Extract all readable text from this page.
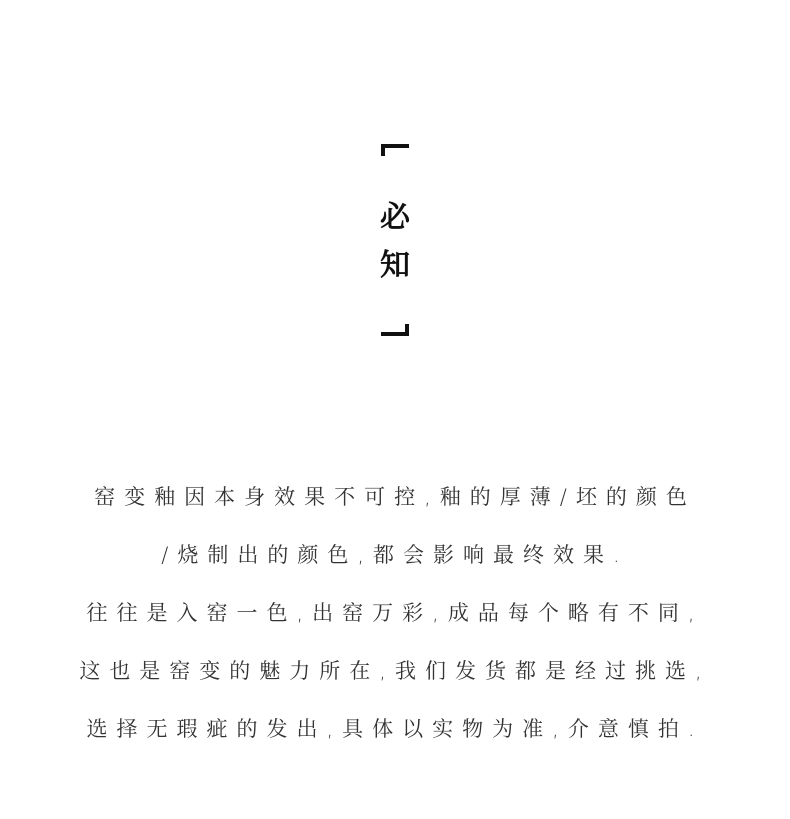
必
知
窑变釉因本身效果不可控,釉的厚薄/坯的颜色
/烧制出的颜色,都会影响最终效果.
往往是入窑一色,出窑万彩,成品每个略有不同,
这也是窑变的魅力所在,我们发货都是经过挑选,
选择无瑕疵的发出,具体以实物为准,介意慎拍.
